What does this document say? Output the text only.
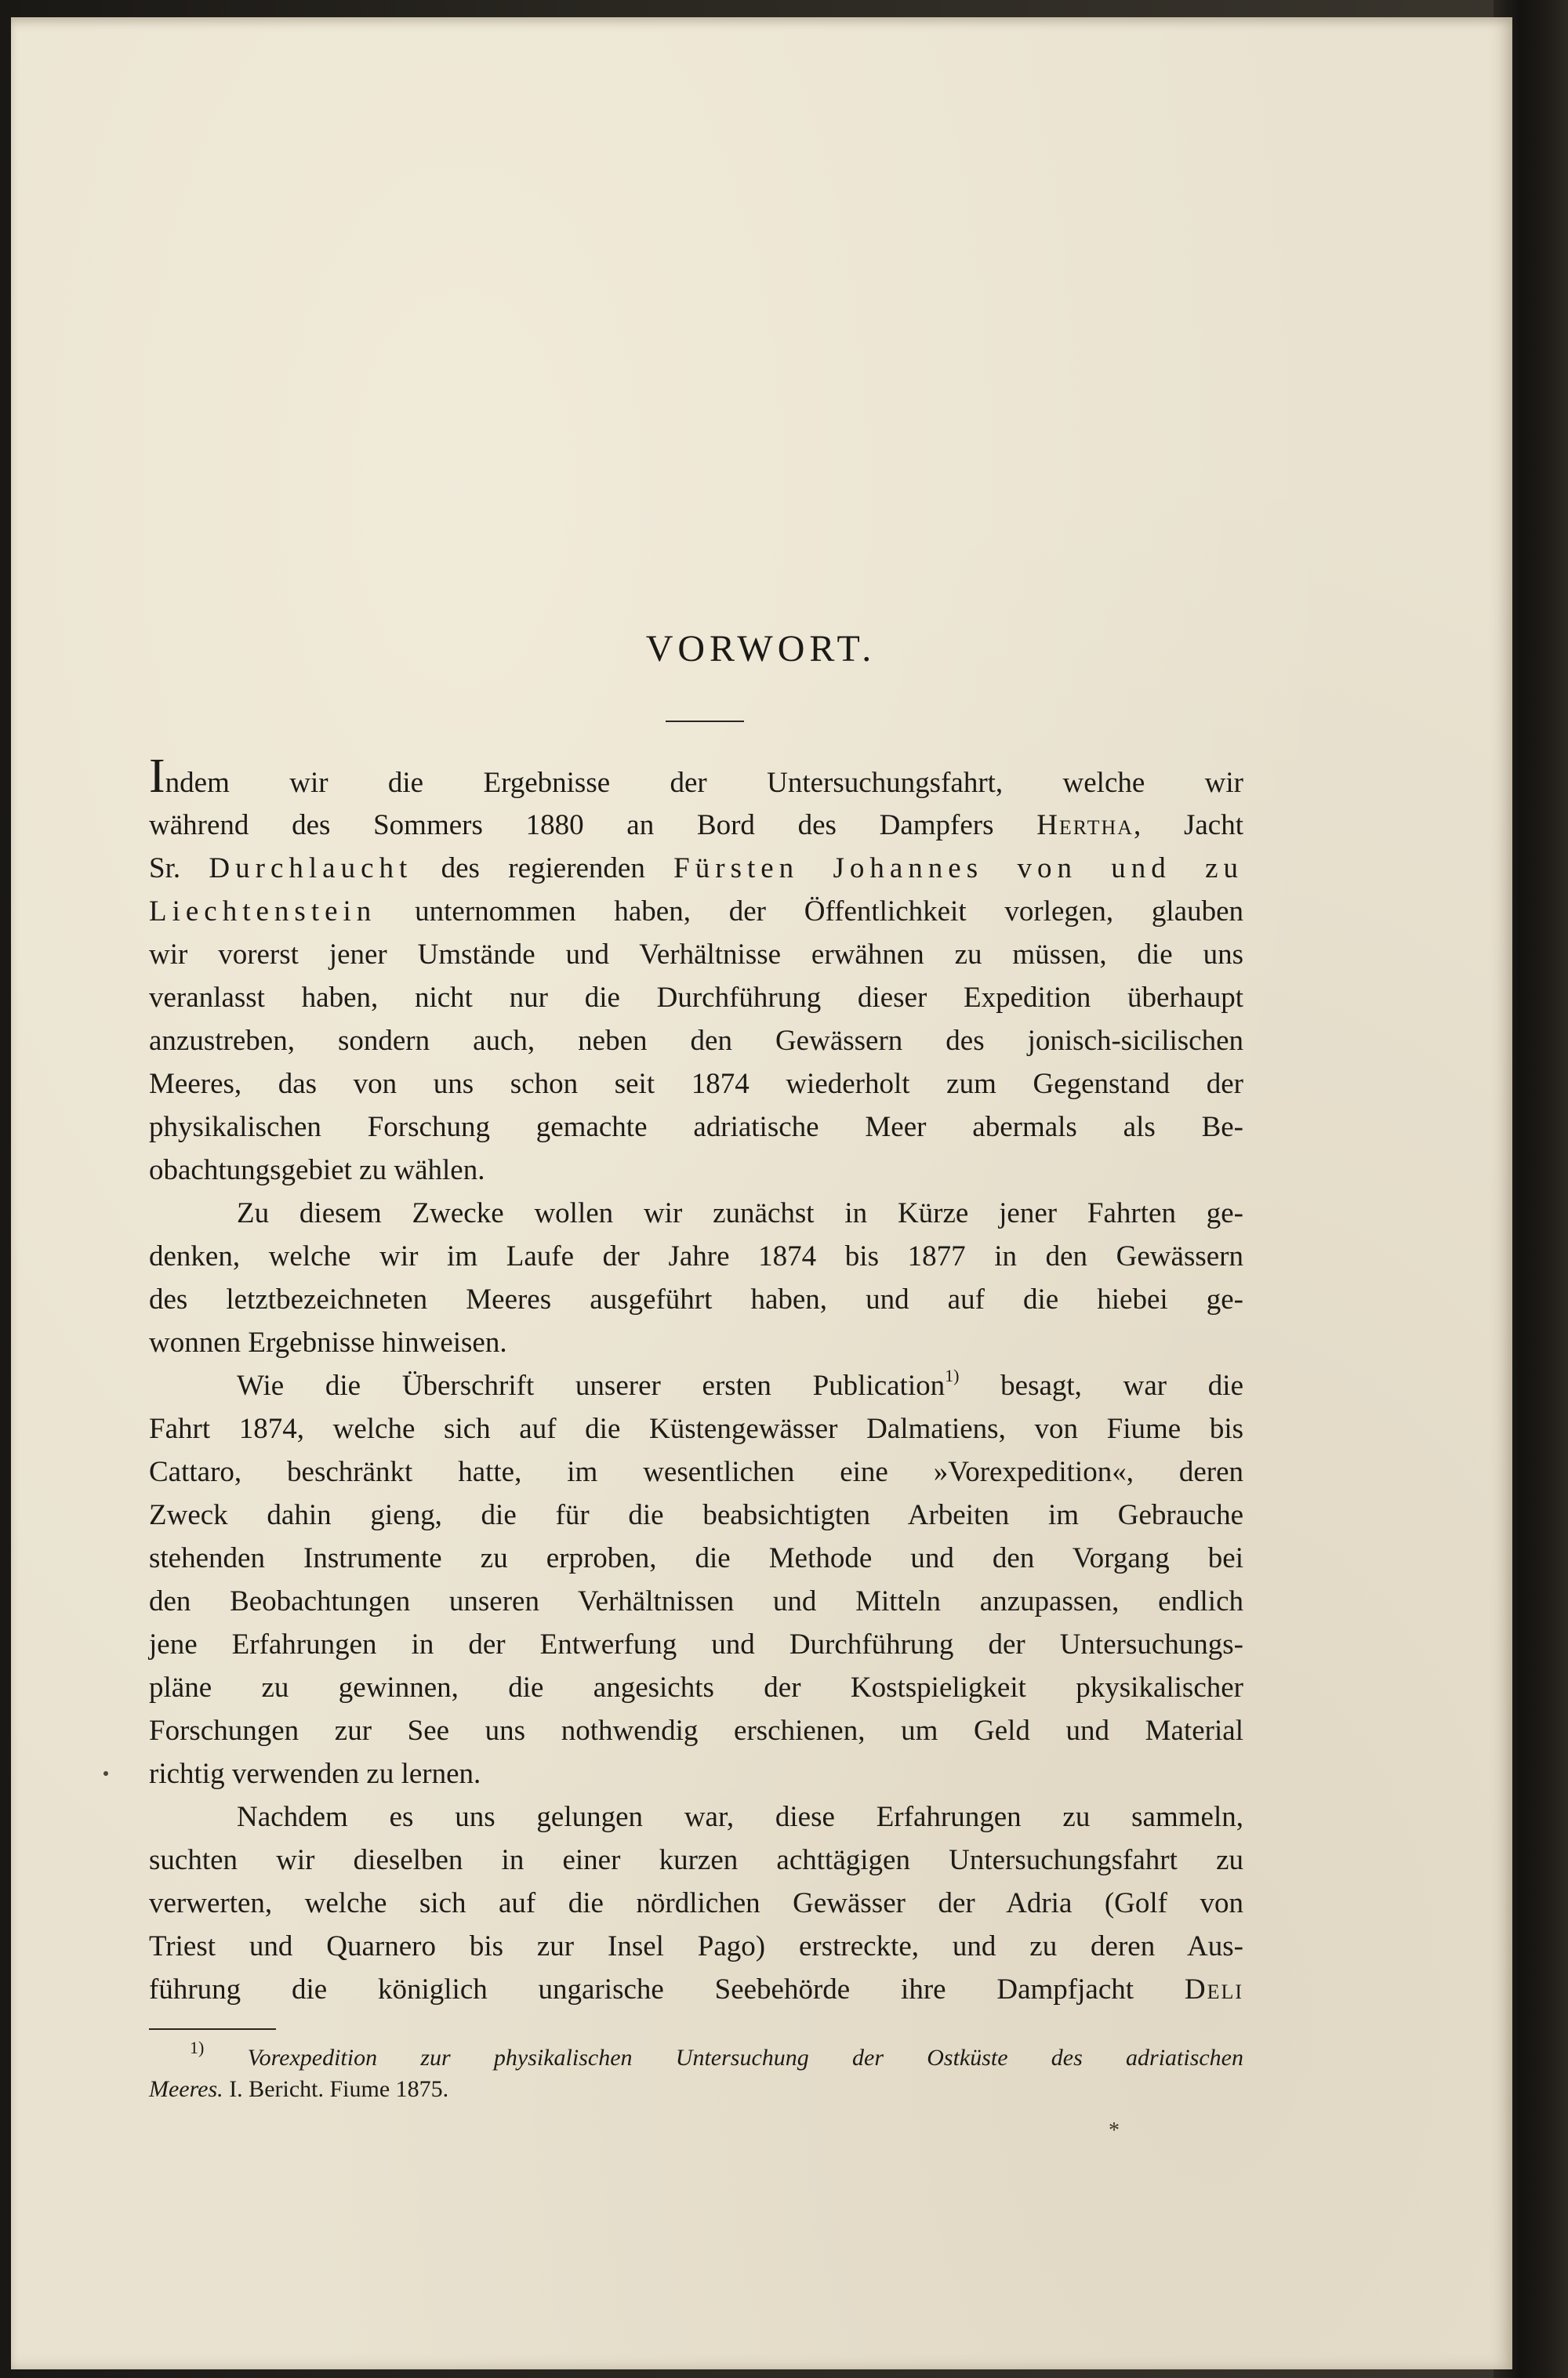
VORWORT.
Indem wir die Ergebnisse der Untersuchungsfahrt, welche wir
während des Sommers 1880 an Bord des Dampfers Hertha, Jacht
Sr. Durchlaucht des regierenden Fürsten Johannes von und zu
Liechtenstein unternommen haben, der Öffentlichkeit vorlegen, glauben
wir vorerst jener Umstände und Verhältnisse erwähnen zu müssen, die uns
veranlasst haben, nicht nur die Durchführung dieser Expedition überhaupt
anzustreben, sondern auch, neben den Gewässern des jonisch-sicilischen
Meeres, das von uns schon seit 1874 wiederholt zum Gegenstand der
physikalischen Forschung gemachte adriatische Meer abermals als Be-
obachtungsgebiet zu wählen.
Zu diesem Zwecke wollen wir zunächst in Kürze jener Fahrten ge-
denken, welche wir im Laufe der Jahre 1874 bis 1877 in den Gewässern
des letztbezeichneten Meeres ausgeführt haben, und auf die hiebei ge-
wonnen Ergebnisse hinweisen.
Wie die Überschrift unserer ersten Publication$^{1)}$ besagt, war die
Fahrt 1874, welche sich auf die Küstengewässer Dalmatiens, von Fiume bis
Cattaro, beschränkt hatte, im wesentlichen eine »Vorexpedition«, deren
Zweck dahin gieng, die für die beabsichtigten Arbeiten im Gebrauche
stehenden Instrumente zu erproben, die Methode und den Vorgang bei
den Beobachtungen unseren Verhältnissen und Mitteln anzupassen, endlich
jene Erfahrungen in der Entwerfung und Durchführung der Untersuchungs-
pläne zu gewinnen, die angesichts der Kostspieligkeit pkysikalischer
Forschungen zur See uns nothwendig erschienen, um Geld und Material
richtig verwenden zu lernen.
Nachdem es uns gelungen war, diese Erfahrungen zu sammeln,
suchten wir dieselben in einer kurzen achttägigen Untersuchungsfahrt zu
verwerten, welche sich auf die nördlichen Gewässer der Adria (Golf von
Triest und Quarnero bis zur Insel Pago) erstreckte, und zu deren Aus-
führung die königlich ungarische Seebehörde ihre Dampfjacht Deli
$^{1)}$ Vorexpedition zur physikalischen Untersuchung der Ostküste des adriatischen
Meeres. I. Bericht. Fiume 1875.
*
